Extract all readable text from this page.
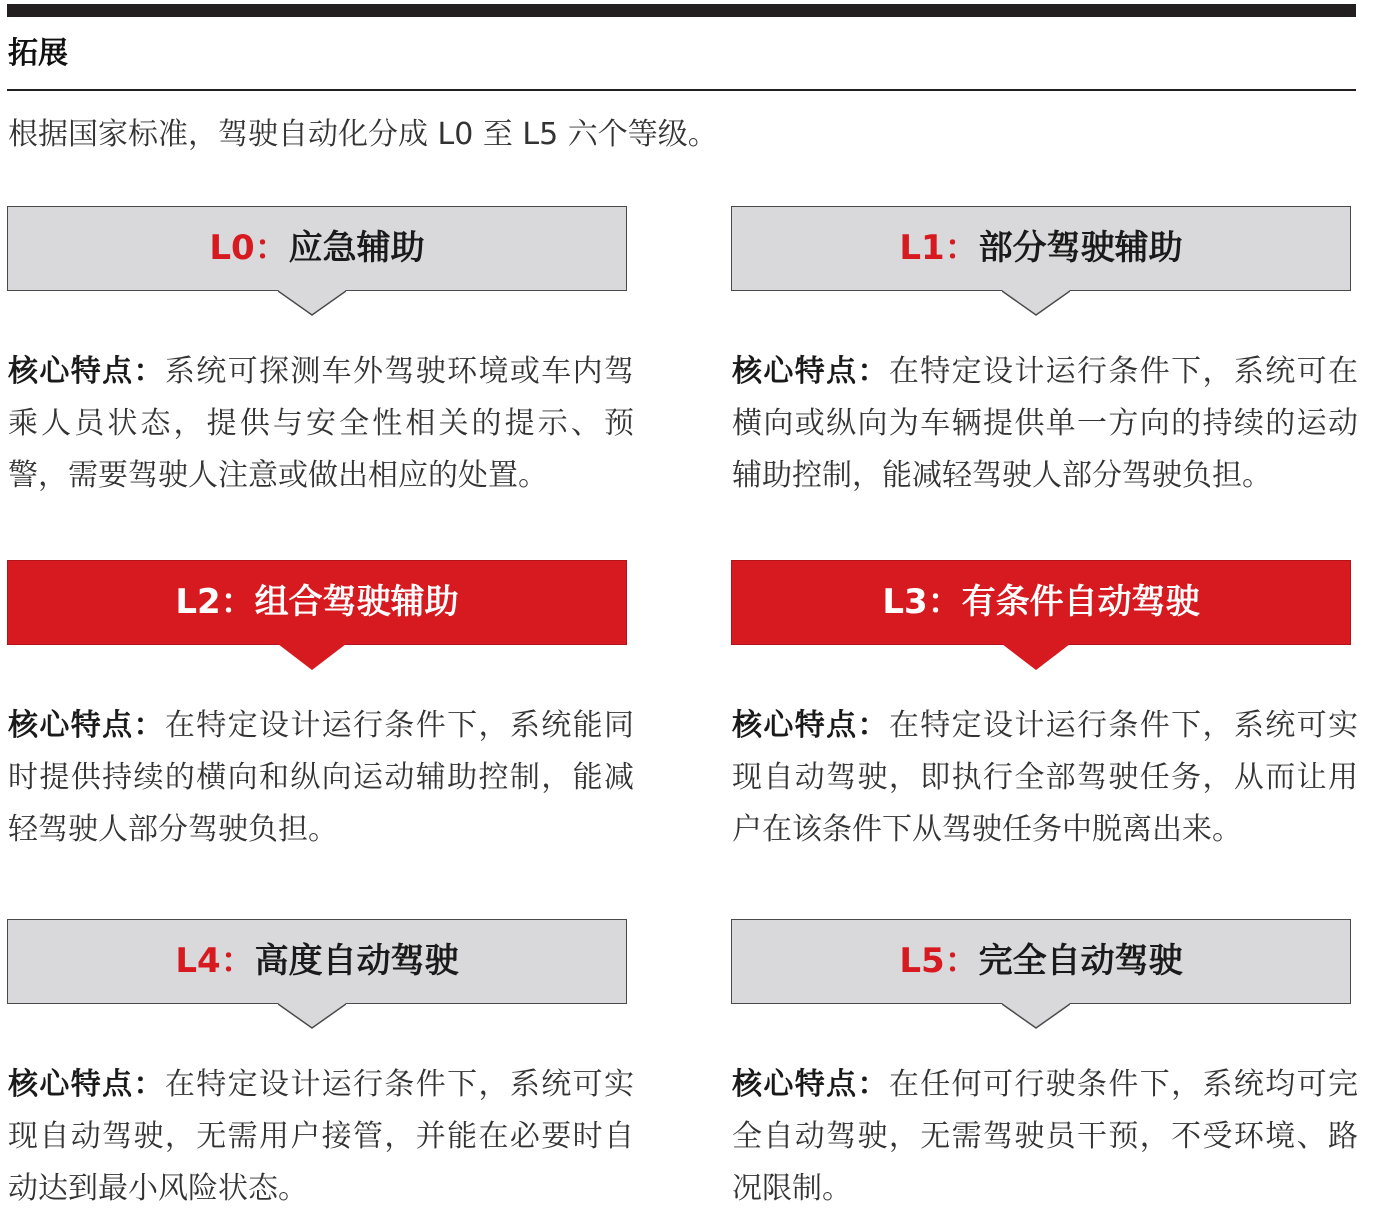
拓展
根据国家标准，驾驶自动化分成 L0 至 L5 六个等级。
L0：应急辅助
核心特点：系统可探测车外驾驶环境或车内驾乘人员状态，提供与安全性相关的提示、预警，需要驾驶人注意或做出相应的处置。
L1：部分驾驶辅助
核心特点：在特定设计运行条件下，系统可在横向或纵向为车辆提供单一方向的持续的运动辅助控制，能减轻驾驶人部分驾驶负担。
L2：组合驾驶辅助
核心特点：在特定设计运行条件下，系统能同时提供持续的横向和纵向运动辅助控制，能减轻驾驶人部分驾驶负担。
L3：有条件自动驾驶
核心特点：在特定设计运行条件下，系统可实现自动驾驶，即执行全部驾驶任务，从而让用户在该条件下从驾驶任务中脱离出来。
L4：高度自动驾驶
核心特点：在特定设计运行条件下，系统可实现自动驾驶，无需用户接管，并能在必要时自动达到最小风险状态。
L5：完全自动驾驶
核心特点：在任何可行驶条件下，系统均可完全自动驾驶，无需驾驶员干预，不受环境、路况限制。
